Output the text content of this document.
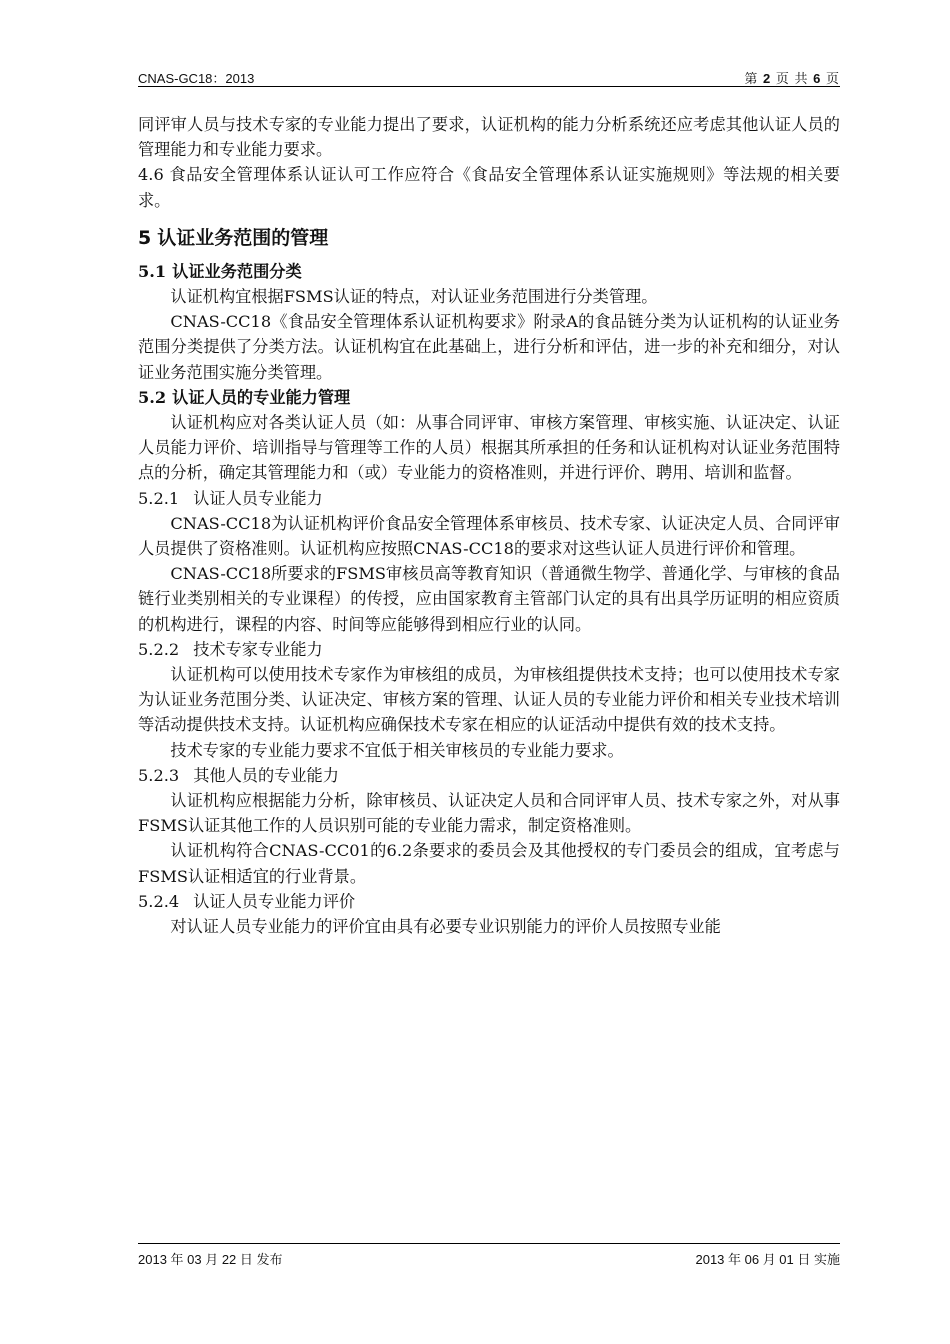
CNAS-GC18：2013	第 2 页 共 6 页

同评审人员与技术专家的专业能力提出了要求，认证机构的能力分析系统还应考虑其他认证人员的管理能力和专业能力要求。

4.6 食品安全管理体系认证认可工作应符合《食品安全管理体系认证实施规则》等法规的相关要求。

5 认证业务范围的管理
5.1 认证业务范围分类

认证机构宜根据FSMS认证的特点，对认证业务范围进行分类管理。

CNAS-CC18《食品安全管理体系认证机构要求》附录A的食品链分类为认证机构的认证业务范围分类提供了分类方法。认证机构宜在此基础上，进行分析和评估，进一步的补充和细分，对认证业务范围实施分类管理。

5.2 认证人员的专业能力管理

认证机构应对各类认证人员（如：从事合同评审、审核方案管理、审核实施、认证决定、认证人员能力评价、培训指导与管理等工作的人员）根据其所承担的任务和认证机构对认证业务范围特点的分析，确定其管理能力和（或）专业能力的资格准则，并进行评价、聘用、培训和监督。

5.2.1 认证人员专业能力

CNAS-CC18为认证机构评价食品安全管理体系审核员、技术专家、认证决定人员、合同评审人员提供了资格准则。认证机构应按照CNAS-CC18的要求对这些认证人员进行评价和管理。

CNAS-CC18所要求的FSMS审核员高等教育知识（普通微生物学、普通化学、与审核的食品链行业类别相关的专业课程）的传授，应由国家教育主管部门认定的具有出具学历证明的相应资质的机构进行，课程的内容、时间等应能够得到相应行业的认同。

5.2.2 技术专家专业能力

认证机构可以使用技术专家作为审核组的成员，为审核组提供技术支持；也可以使用技术专家为认证业务范围分类、认证决定、审核方案的管理、认证人员的专业能力评价和相关专业技术培训等活动提供技术支持。认证机构应确保技术专家在相应的认证活动中提供有效的技术支持。

技术专家的专业能力要求不宜低于相关审核员的专业能力要求。

5.2.3 其他人员的专业能力

认证机构应根据能力分析，除审核员、认证决定人员和合同评审人员、技术专家之外，对从事FSMS认证其他工作的人员识别可能的专业能力需求，制定资格准则。

认证机构符合CNAS-CC01的6.2条要求的委员会及其他授权的专门委员会的组成，宜考虑与FSMS认证相适宜的行业背景。

5.2.4 认证人员专业能力评价

对认证人员专业能力的评价宜由具有必要专业识别能力的评价人员按照专业能

2013 年 03 月 22 日 发布	2013 年 06 月 01 日 实施
